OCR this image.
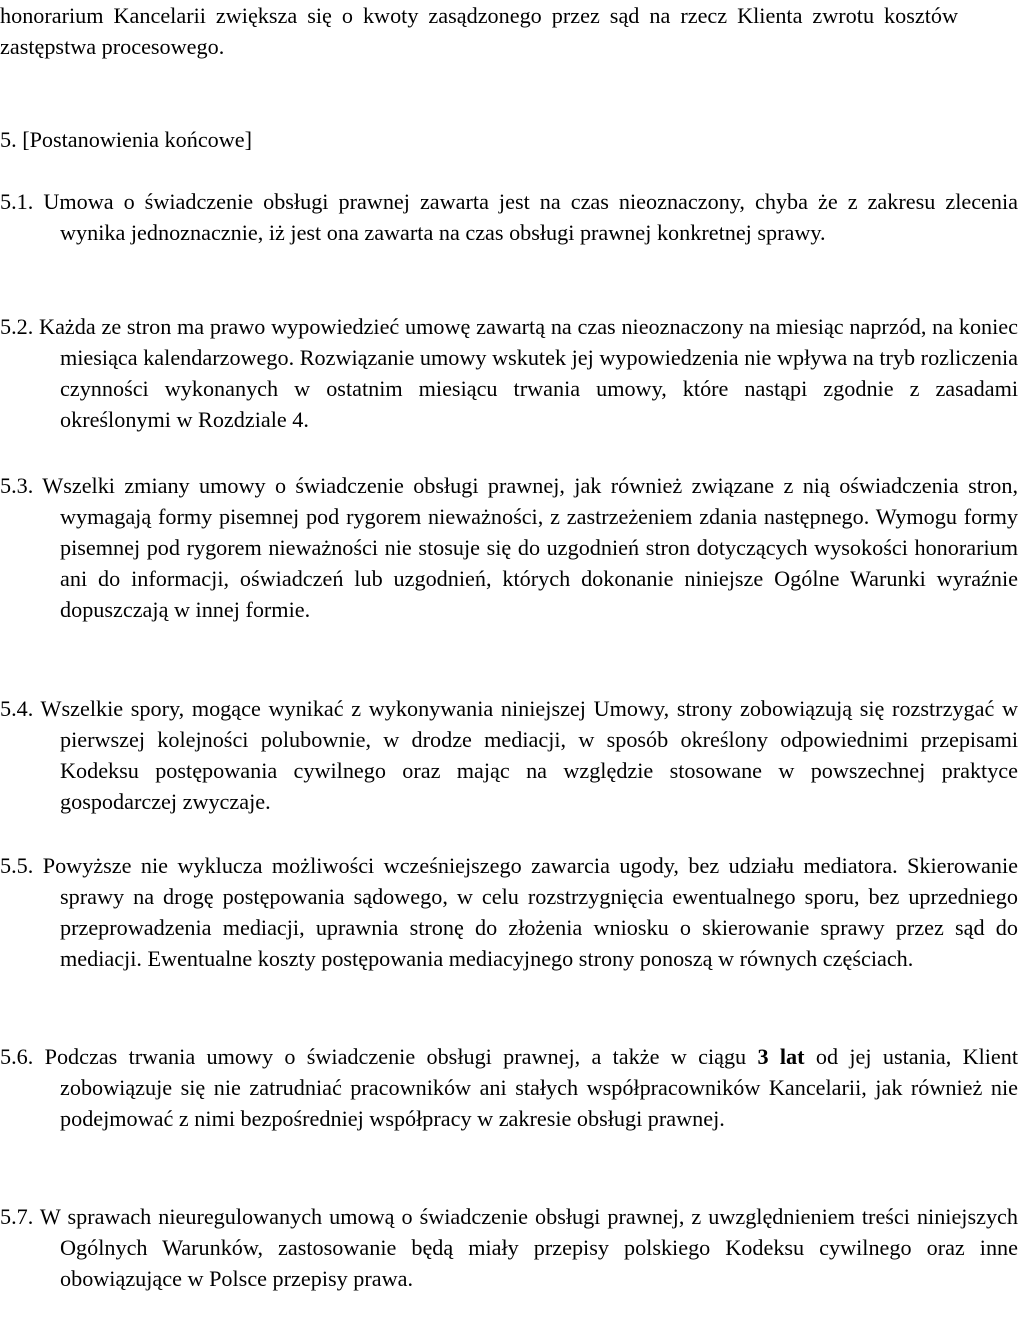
honorarium Kancelarii zwiększa się o kwoty zasądzonego przez sąd na rzecz Klienta zwrotu kosztów zastępstwa procesowego.

5. [Postanowienia końcowe]

5.1. Umowa o świadczenie obsługi prawnej zawarta jest na czas nieoznaczony, chyba że z zakresu zlecenia wynika jednoznacznie, iż jest ona zawarta na czas obsługi prawnej konkretnej sprawy.

5.2. Każda ze stron ma prawo wypowiedzieć umowę zawartą na czas nieoznaczony na miesiąc naprzód, na koniec miesiąca kalendarzowego. Rozwiązanie umowy wskutek jej wypowiedzenia nie wpływa na tryb rozliczenia czynności wykonanych w ostatnim miesiącu trwania umowy, które nastąpi zgodnie z zasadami określonymi w Rozdziale 4.

5.3. Wszelki zmiany umowy o świadczenie obsługi prawnej, jak również związane z nią oświadczenia stron, wymagają formy pisemnej pod rygorem nieważności, z zastrzeżeniem zdania następnego. Wymogu formy pisemnej pod rygorem nieważności nie stosuje się do uzgodnień stron dotyczących wysokości honorarium ani do informacji, oświadczeń lub uzgodnień, których dokonanie niniejsze Ogólne Warunki wyraźnie dopuszczają w innej formie.

5.4. Wszelkie spory, mogące wynikać z wykonywania niniejszej Umowy, strony zobowiązują się rozstrzygać w pierwszej kolejności polubownie, w drodze mediacji, w sposób określony odpowiednimi przepisami Kodeksu postępowania cywilnego oraz mając na względzie stosowane w powszechnej praktyce gospodarczej zwyczaje.

5.5. Powyższe nie wyklucza możliwości wcześniejszego zawarcia ugody, bez udziału mediatora. Skierowanie sprawy na drogę postępowania sądowego, w celu rozstrzygnięcia ewentualnego sporu, bez uprzedniego przeprowadzenia mediacji, uprawnia stronę do złożenia wniosku o skierowanie sprawy przez sąd do mediacji. Ewentualne koszty postępowania mediacyjnego strony ponoszą w równych częściach.

5.6. Podczas trwania umowy o świadczenie obsługi prawnej, a także w ciągu 3 lat od jej ustania, Klient zobowiązuje się nie zatrudniać pracowników ani stałych współpracowników Kancelarii, jak również nie podejmować z nimi bezpośredniej współpracy w zakresie obsługi prawnej.

5.7. W sprawach nieuregulowanych umową o świadczenie obsługi prawnej, z uwzględnieniem treści niniejszych Ogólnych Warunków, zastosowanie będą miały przepisy polskiego Kodeksu cywilnego oraz inne obowiązujące w Polsce przepisy prawa.
